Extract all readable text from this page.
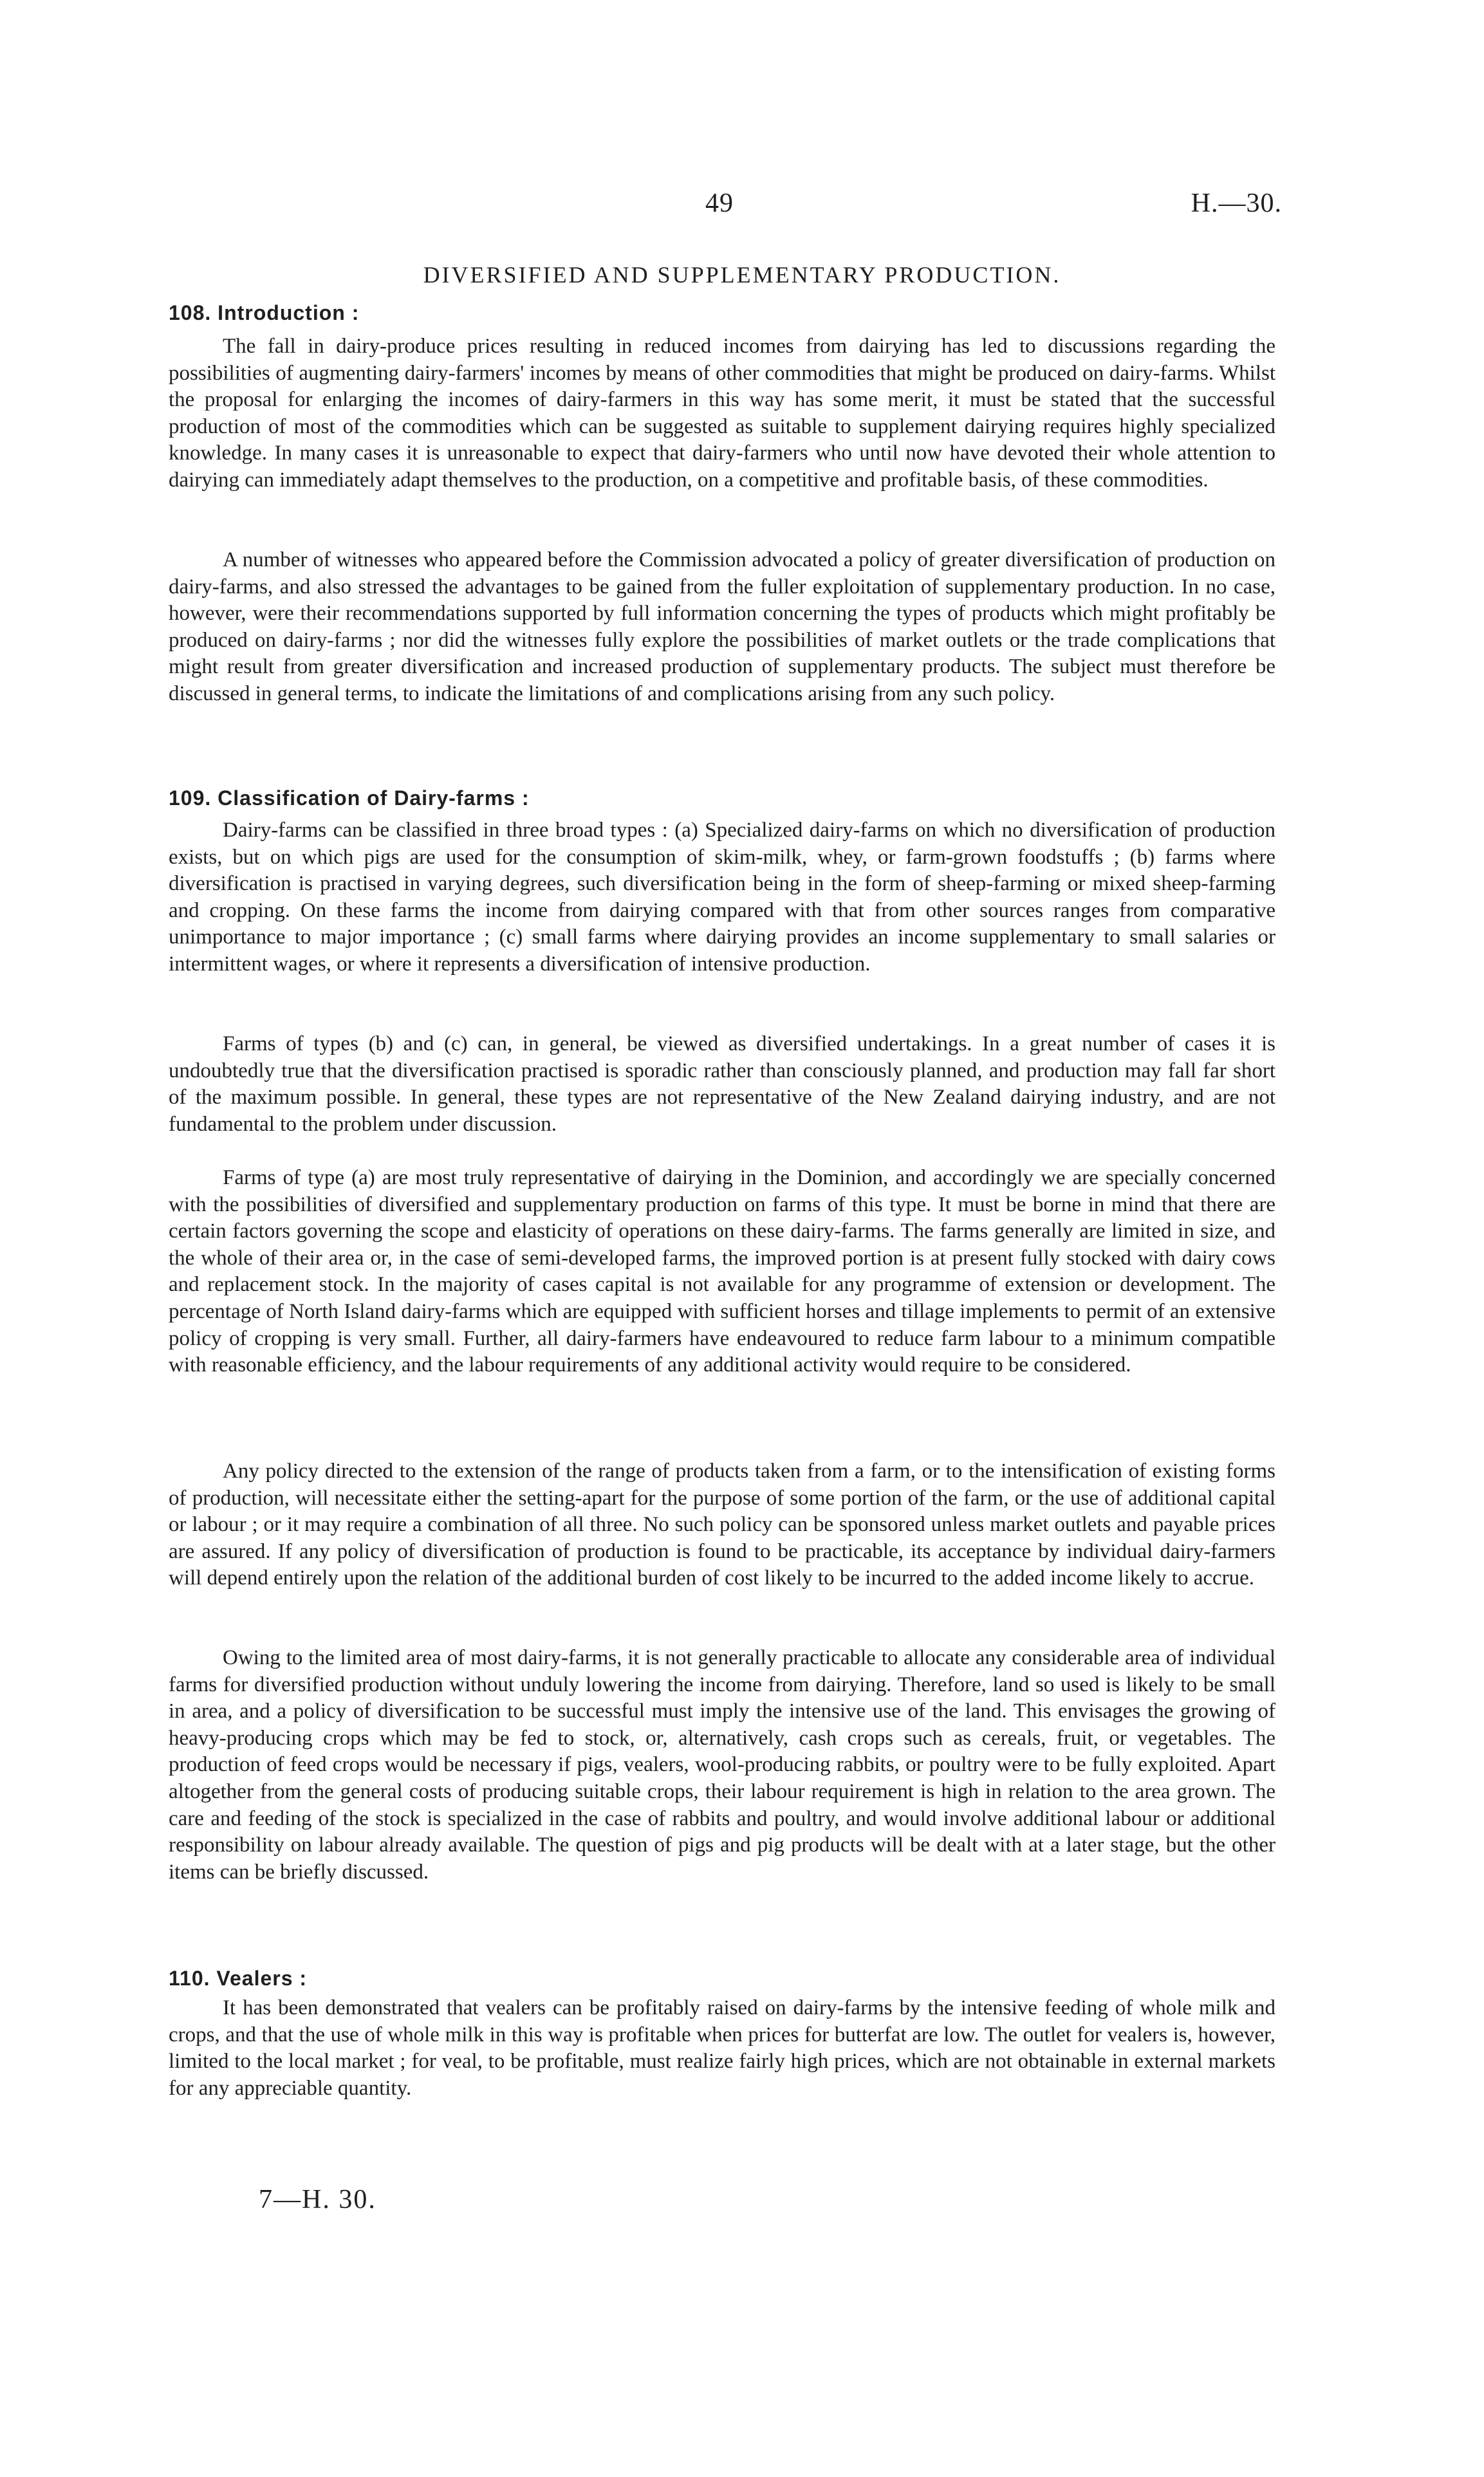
49	H.—30.
DIVERSIFIED AND SUPPLEMENTARY PRODUCTION.
108. Introduction :

The fall in dairy-produce prices resulting in reduced incomes from dairying has led to discussions regarding the possibilities of augmenting dairy-farmers' incomes by means of other commodities that might be produced on dairy-farms. Whilst the proposal for enlarging the incomes of dairy-farmers in this way has some merit, it must be stated that the successful production of most of the commodities which can be suggested as suitable to supplement dairying requires highly specialized knowledge. In many cases it is unreasonable to expect that dairy-farmers who until now have devoted their whole attention to dairying can immediately adapt themselves to the production, on a competitive and profitable basis, of these commodities.

A number of witnesses who appeared before the Commission advocated a policy of greater diversification of production on dairy-farms, and also stressed the advantages to be gained from the fuller exploitation of supplementary production. In no case, however, were their recommendations supported by full information concerning the types of products which might profitably be produced on dairy-farms ; nor did the witnesses fully explore the possibilities of market outlets or the trade complications that might result from greater diversification and increased production of supplementary products. The subject must therefore be discussed in general terms, to indicate the limitations of and complications arising from any such policy.

109. Classification of Dairy-farms :

Dairy-farms can be classified in three broad types : (a) Specialized dairy-farms on which no diversification of production exists, but on which pigs are used for the consumption of skim-milk, whey, or farm-grown foodstuffs ; (b) farms where diversification is practised in varying degrees, such diversification being in the form of sheep-farming or mixed sheep-farming and cropping. On these farms the income from dairying compared with that from other sources ranges from comparative unimportance to major importance ; (c) small farms where dairying provides an income supplementary to small salaries or intermittent wages, or where it represents a diversification of intensive production.

Farms of types (b) and (c) can, in general, be viewed as diversified undertakings. In a great number of cases it is undoubtedly true that the diversification practised is sporadic rather than consciously planned, and production may fall far short of the maximum possible. In general, these types are not representative of the New Zealand dairying industry, and are not fundamental to the problem under discussion.

Farms of type (a) are most truly representative of dairying in the Dominion, and accordingly we are specially concerned with the possibilities of diversified and supplementary production on farms of this type. It must be borne in mind that there are certain factors governing the scope and elasticity of operations on these dairy-farms. The farms generally are limited in size, and the whole of their area or, in the case of semi-developed farms, the improved portion is at present fully stocked with dairy cows and replacement stock. In the majority of cases capital is not available for any programme of extension or development. The percentage of North Island dairy-farms which are equipped with sufficient horses and tillage implements to permit of an extensive policy of cropping is very small. Further, all dairy-farmers have endeavoured to reduce farm labour to a minimum compatible with reasonable efficiency, and the labour requirements of any additional activity would require to be considered.

Any policy directed to the extension of the range of products taken from a farm, or to the intensification of existing forms of production, will necessitate either the setting-apart for the purpose of some portion of the farm, or the use of additional capital or labour ; or it may require a combination of all three. No such policy can be sponsored unless market outlets and payable prices are assured. If any policy of diversification of production is found to be practicable, its acceptance by individual dairy-farmers will depend entirely upon the relation of the additional burden of cost likely to be incurred to the added income likely to accrue.

Owing to the limited area of most dairy-farms, it is not generally practicable to allocate any considerable area of individual farms for diversified production without unduly lowering the income from dairying. Therefore, land so used is likely to be small in area, and a policy of diversification to be successful must imply the intensive use of the land. This envisages the growing of heavy-producing crops which may be fed to stock, or, alternatively, cash crops such as cereals, fruit, or vegetables. The production of feed crops would be necessary if pigs, vealers, wool-producing rabbits, or poultry were to be fully exploited. Apart altogether from the general costs of producing suitable crops, their labour requirement is high in relation to the area grown. The care and feeding of the stock is specialized in the case of rabbits and poultry, and would involve additional labour or additional responsibility on labour already available. The question of pigs and pig products will be dealt with at a later stage, but the other items can be briefly discussed.

110. Vealers :

It has been demonstrated that vealers can be profitably raised on dairy-farms by the intensive feeding of whole milk and crops, and that the use of whole milk in this way is profitable when prices for butterfat are low. The outlet for vealers is, however, limited to the local market ; for veal, to be profitable, must realize fairly high prices, which are not obtainable in external markets for any appreciable quantity.

7—H. 30.
